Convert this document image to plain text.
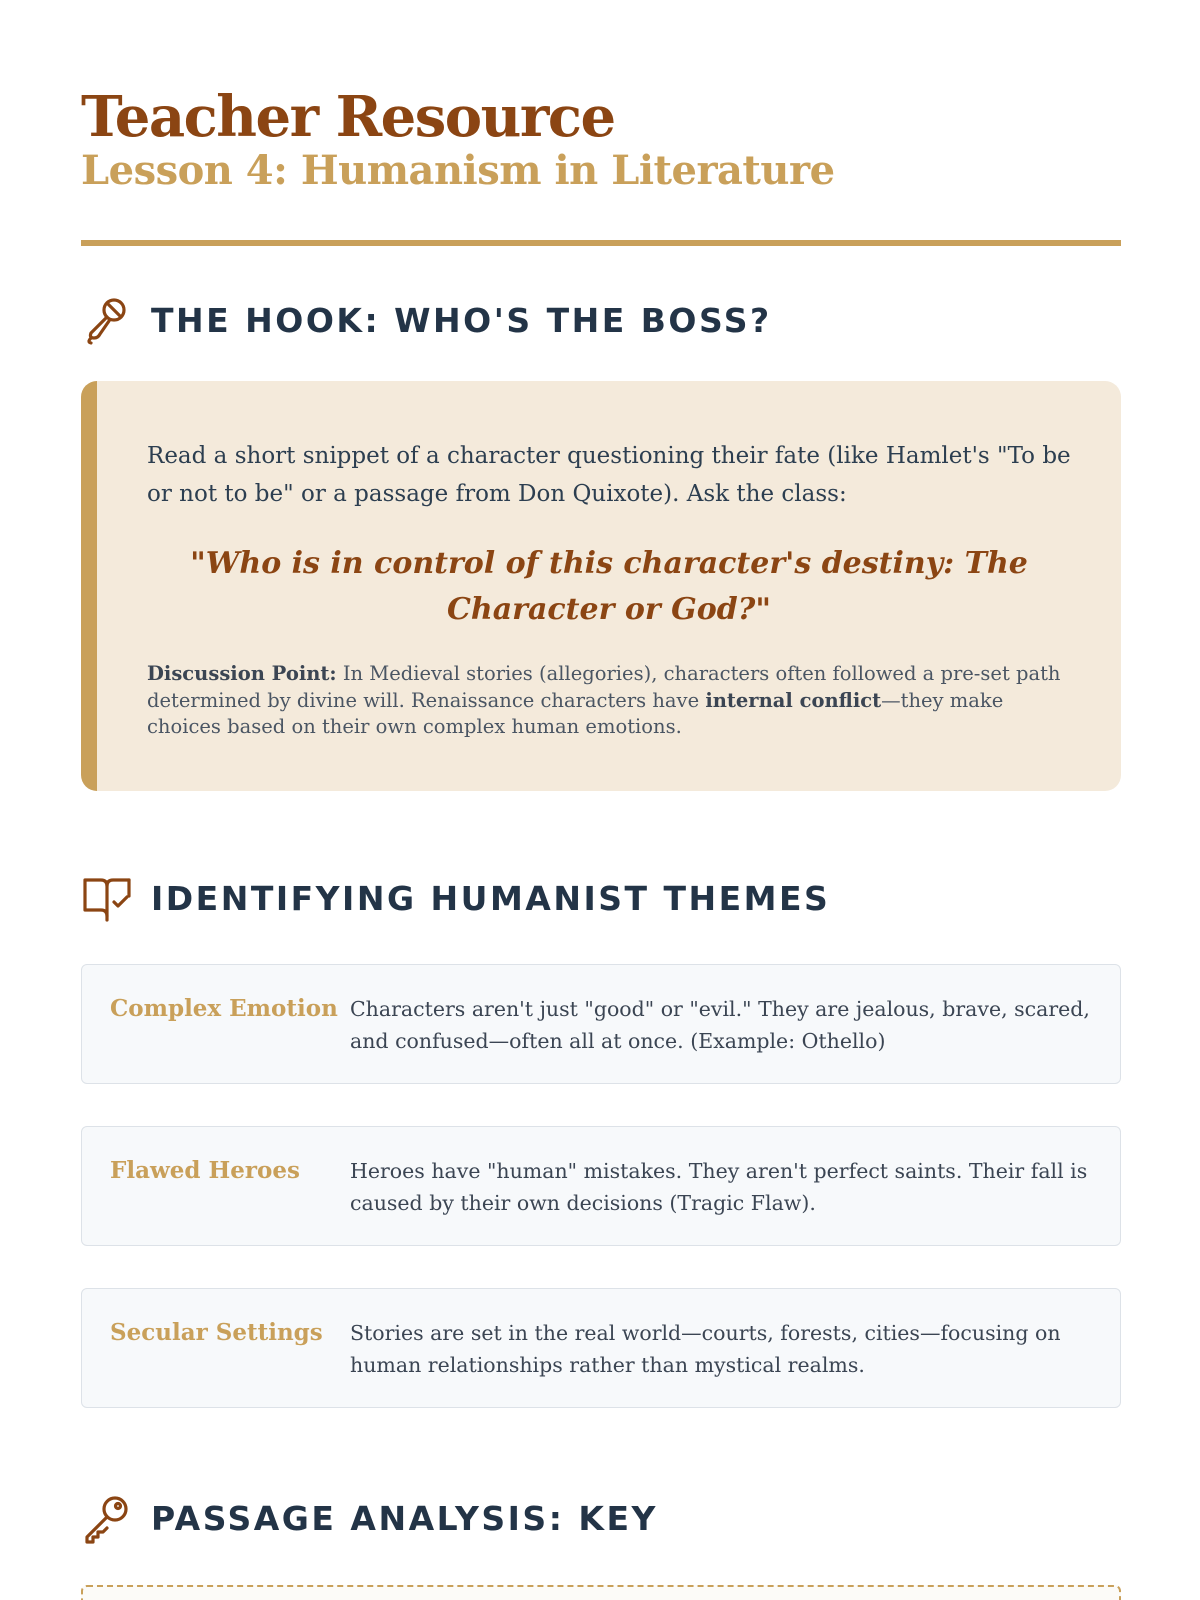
Teacher Resource
Lesson 4: Humanism in Literature
THE HOOK: WHO'S THE BOSS?

Read a short snippet of a character questioning their fate (like Hamlet's "To be or not to be" or a passage from Don Quixote). Ask the class:

"Who is in control of this character's destiny: The Character or God?"

Discussion Point: In Medieval stories (allegories), characters often followed a pre-set path determined by divine will. Renaissance characters have internal conflict—they make choices based on their own complex human emotions.

IDENTIFYING HUMANIST THEMES
Complex Emotion Characters aren't just "good" or "evil." They are jealous, brave, scared, and confused—often all at once. (Example: Othello)
Flawed Heroes	Heroes have "human" mistakes. They aren't perfect saints. Their fall is caused by their own decisions (Tragic Flaw).
Secular Settings	Stories are set in the real world—courts, forests, cities—focusing on human relationships rather than mystical realms.
PASSAGE ANALYSIS: KEY
